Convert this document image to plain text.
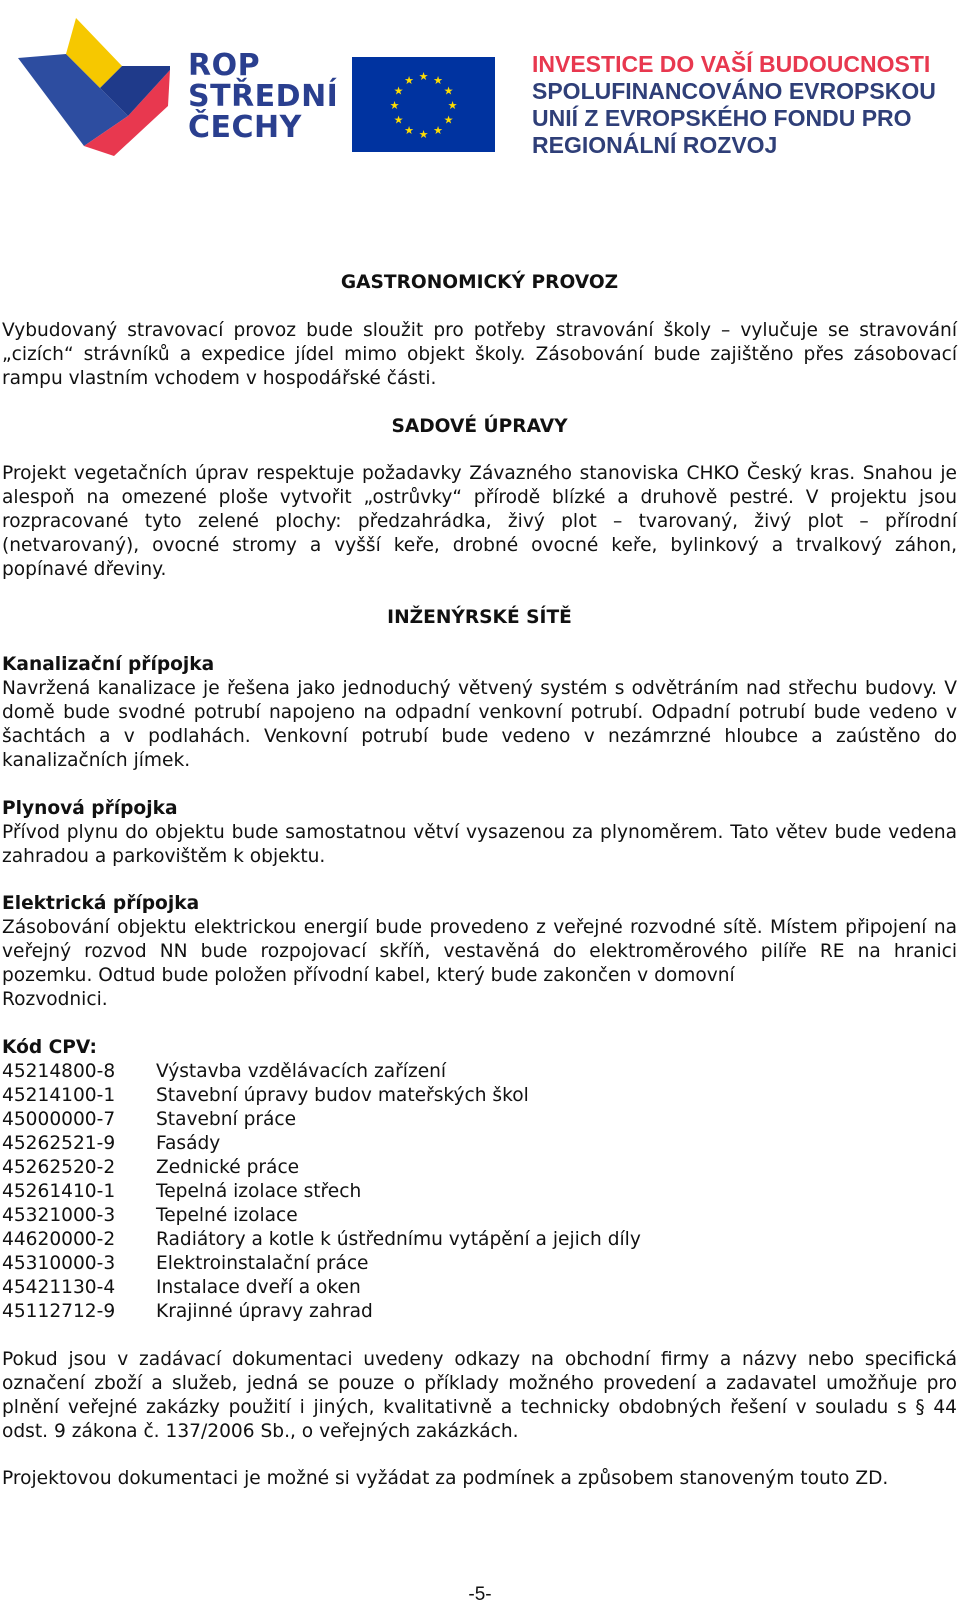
ROP
STŘEDNÍ
ČECHY
★ ★
★
★
★
★
★
★
★
★
★
★
INVESTICE DO VAŠÍ BUDOUCNOSTI
SPOLUFINANCOVÁNO EVROPSKOU
UNIÍ Z EVROPSKÉHO FONDU PRO
REGIONÁLNÍ ROZVOJ
GASTRONOMICKÝ PROVOZ

Vybudovaný stravovací provoz bude sloužit pro potřeby stravování školy – vylučuje se stravování „cizích“ strávníků a expedice jídel mimo objekt školy. Zásobování bude zajištěno přes zásobovací rampu vlastním vchodem v hospodářské části.

SADOVÉ ÚPRAVY

Projekt vegetačních úprav respektuje požadavky Závazného stanoviska CHKO Český kras. Snahou je alespoň na omezené ploše vytvořit „ostrůvky“ přírodě blízké a druhově pestré. V projektu jsou rozpracované tyto zelené plochy: předzahrádka, živý plot – tvarovaný, živý plot – přírodní (netvarovaný), ovocné stromy a vyšší keře, drobné ovocné keře, bylinkový a trvalkový záhon, popínavé dřeviny.

INŽENÝRSKÉ SÍTĚ
Kanalizační přípojka

Navržená kanalizace je řešena jako jednoduchý větvený systém s odvětráním nad střechu budovy. V domě bude svodné potrubí napojeno na odpadní venkovní potrubí. Odpadní potrubí bude vedeno v šachtách a v podlahách. Venkovní potrubí bude vedeno v nezámrzné hloubce a zaústěno do kanalizačních jímek.

Plynová přípojka

Přívod plynu do objektu bude samostatnou větví vysazenou za plynoměrem. Tato větev bude vedena zahradou a parkovištěm k objektu.

Elektrická přípojka

Zásobování objektu elektrickou energií bude provedeno z veřejné rozvodné sítě. Místem připojení na veřejný rozvod NN bude rozpojovací skříň, vestavěná do elektroměrového pilíře RE na hranici pozemku. Odtud bude položen přívodní kabel, který bude zakončen v domovní
Rozvodnici.

Kód CPV:
45214800-8	Výstavba vzdělávacích zařízení
45214100-1	Stavební úpravy budov mateřských škol
45000000-7	Stavební práce
45262521-9	Fasády
45262520-2	Zednické práce
45261410-1	Tepelná izolace střech
45321000-3	Tepelné izolace
44620000-2	Radiátory a kotle k ústřednímu vytápění a jejich díly
45310000-3	Elektroinstalační práce
45421130-4	Instalace dveří a oken
45112712-9	Krajinné úpravy zahrad

Pokud jsou v zadávací dokumentaci uvedeny odkazy na obchodní firmy a názvy nebo specifická označení zboží a služeb, jedná se pouze o příklady možného provedení a zadavatel umožňuje pro plnění veřejné zakázky použití i jiných, kvalitativně a technicky obdobných řešení v souladu s § 44 odst. 9 zákona č. 137/2006 Sb., o veřejných zakázkách.

Projektovou dokumentaci je možné si vyžádat za podmínek a způsobem stanoveným touto ZD.

-5-
